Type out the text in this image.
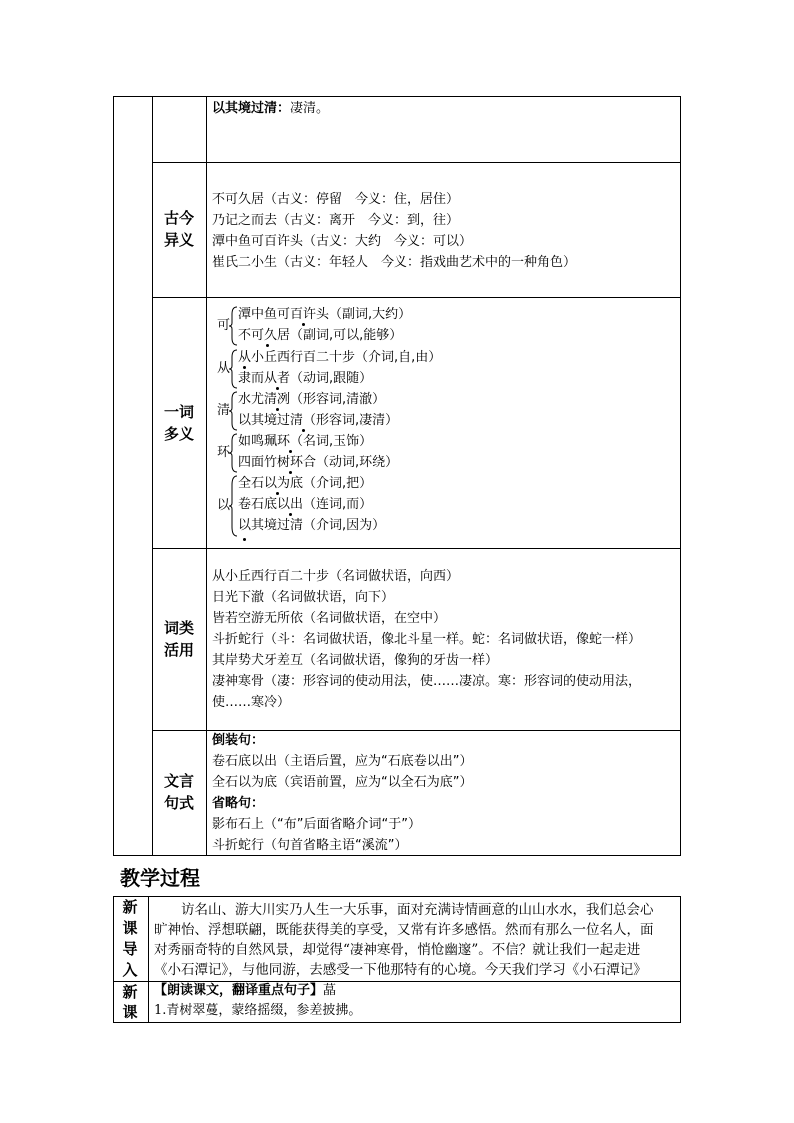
以其境过清：凄清。
古今
异义
不可久居（古义：停留　今义：住，居住）
乃记之而去（古义：离开　今义：到，往）
潭中鱼可百许头（古义：大约　今义：可以）
崔氏二小生（古义：年轻人　今义：指戏曲艺术中的一种角色）
一词
多义
可
潭中鱼可百许头（副词,大约）
不可久居（副词,可以,能够）
从
从小丘西行百二十步（介词,自,由）
隶而从者（动词,跟随）
清
水尤清冽（形容词,清澈）
以其境过清（形容词,凄清）
环
如鸣珮环（名词,玉饰）
四面竹树环合（动词,环绕）
以
全石以为底（介词,把）
卷石底以出（连词,而）
以其境过清（介词,因为）
词类
活用
从小丘西行百二十步（名词做状语，向西）
日光下澈（名词做状语，向下）
皆若空游无所依（名词做状语，在空中）
斗折蛇行（斗：名词做状语，像北斗星一样。蛇：名词做状语，像蛇一样）
其岸势犬牙差互（名词做状语，像狗的牙齿一样）
凄神寒骨（凄：形容词的使动用法，使……凄凉。寒：形容词的使动用法，
使……寒冷）
文言
句式
倒装句：
卷石底以出（主语后置，应为“石底卷以出”）
全石以为底（宾语前置，应为“以全石为底”）
省略句：
影布石上（“布”后面省略介词“于”）
斗折蛇行（句首省略主语“溪流”）
教学过程
新
课
导
入
　　访名山、游大川实乃人生一大乐事，面对充满诗情画意的山山水水，我们总会心
旷神怡、浮想联翩，既能获得美的享受，又常有许多感悟。然而有那么一位名人，面
对秀丽奇特的自然风景，却觉得“凄神寒骨，悄怆幽邃”。不信？就让我们一起走进
《小石潭记》，与他同游，去感受一下他那特有的心境。今天我们学习《小石潭记》
新
课
【朗读课文，翻译重点句子】蕌
1.青树翠蔓，蒙络摇缀，参差披拂。
